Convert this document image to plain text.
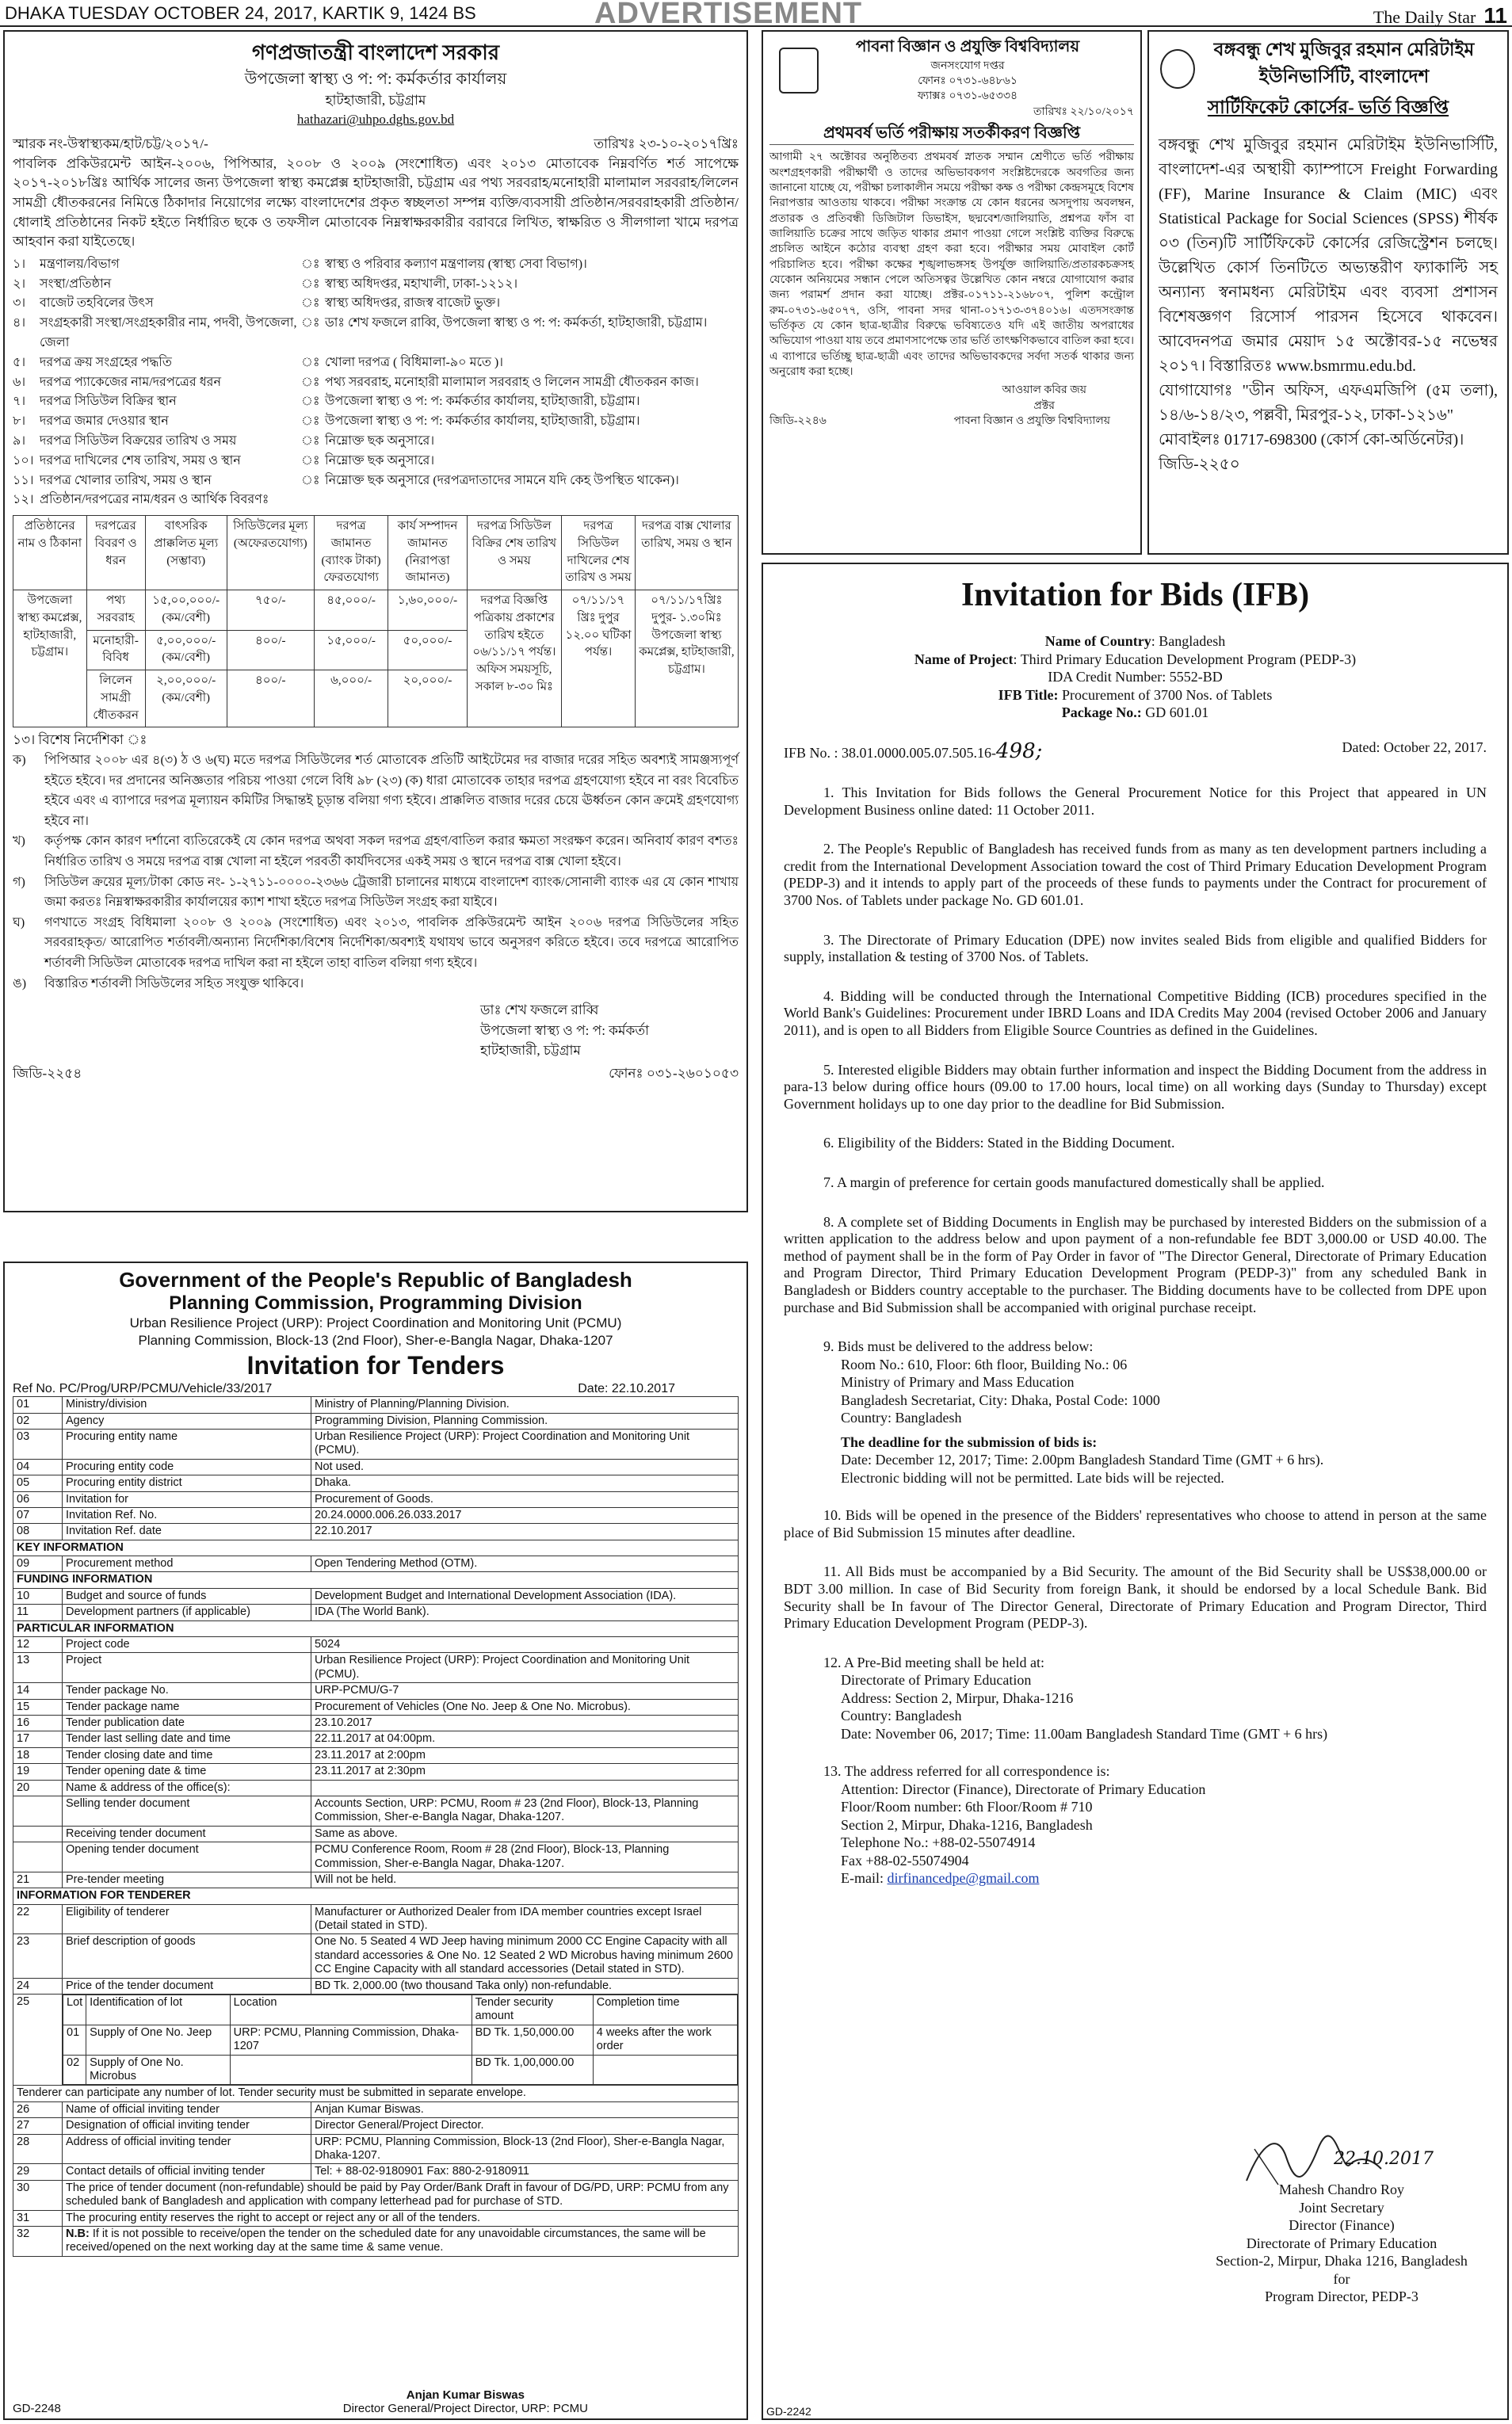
DHAKA TUESDAY OCTOBER 24, 2017, KARTIK 9, 1424 BS	ADVERTISEMENT	The Daily Star 11
গণপ্রজাতন্ত্রী বাংলাদেশ সরকার
উপজেলা স্বাস্থ্য ও প: প: কর্মকর্তার কার্যালয়
হাটহাজারী, চট্টগ্রাম
hathazari@uhpo.dghs.gov.bd
স্মারক নং-উস্বাস্থ্যকম/হাট/চট্ট/২০১৭/-	তারিখঃ ২৩-১০-২০১৭খ্রিঃ
পাবলিক প্রকিউরমেন্ট আইন-২০০৬, পিপিআর, ২০০৮ ও ২০০৯ (সংশোধিত) এবং ২০১৩ মোতাবেক নিম্নবর্ণিত শর্ত সাপেক্ষে ২০১৭-২০১৮খ্রিঃ আর্থিক সালের জন্য উপজেলা স্বাস্থ্য কমপ্লেক্স হাটহাজারী, চট্টগ্রাম এর পথ্য সরবরাহ/মনোহারী মালামাল সরবরাহ/লিলেন সামগ্রী ধৌতকরনের নিমিত্তে ঠিকাদার নিয়োগের লক্ষ্যে বাংলাদেশের প্রকৃত স্বচ্ছলতা সম্পন্ন ব্যক্তি/ব্যবসায়ী প্রতিষ্ঠান/সরবরাহকারী প্রতিষ্ঠান/ধোলাই প্রতিষ্ঠানের নিকট হইতে নির্ধারিত ছকে ও তফসীল মোতাবেক নিম্নস্বাক্ষরকারীর বরাবরে লিখিত, স্বাক্ষরিত ও সীলগালা খামে দরপত্র আহবান করা যাইতেছে।
১।	মন্ত্রণালয়/বিভাগ	ঃ স্বাস্থ্য ও পরিবার কল্যাণ মন্ত্রণালয় (স্বাস্থ্য সেবা বিভাগ)।
২।	সংস্থা/প্রতিষ্ঠান	ঃ স্বাস্থ্য অধিদপ্তর, মহাখালী, ঢাকা-১২১২।
৩।	বাজেট তহবিলের উৎস	ঃ স্বাস্থ্য অধিদপ্তর, রাজস্ব বাজেট ভুক্ত।
৪।	সংগ্রহকারী সংস্থা/সংগ্রহকারীর নাম, পদবী, উপজেলা, জেলা
ঃ ডাঃ শেখ ফজলে রাব্বি, উপজেলা স্বাস্থ্য ও প: প: কর্মকর্তা, হাটহাজারী, চট্টগ্রাম।
৫।	দরপত্র ক্রয় সংগ্রহের পদ্ধতি	ঃ খোলা দরপত্র ( বিধিমালা-৯০ মতে )।
৬।	দরপত্র প্যাকেজের নাম/দরপত্রের ধরন	ঃ পথ্য সরবরাহ, মনোহারী মালামাল সরবরাহ ও লিলেন সামগ্রী ধৌতকরন কাজ।
৭।	দরপত্র সিডিউল বিক্রির স্থান	ঃ উপজেলা স্বাস্থ্য ও প: প: কর্মকর্তার কার্যালয়, হাটহাজারী, চট্টগ্রাম।
৮।	দরপত্র জমার দেওয়ার স্থান	ঃ উপজেলা স্বাস্থ্য ও প: প: কর্মকর্তার কার্যালয়, হাটহাজারী, চট্টগ্রাম।
৯।	দরপত্র সিডিউল বিক্রয়ের তারিখ ও সময়	ঃ নিম্নোক্ত ছক অনুসারে।
১০। দরপত্র দাখিলের শেষ তারিখ, সময় ও স্থান	ঃ নিম্নোক্ত ছক অনুসারে।
১১। দরপত্র খোলার তারিখ, সময় ও স্থান	ঃ নিম্নোক্ত ছক অনুসারে (দরপত্রদাতাদের সামনে যদি কেহ উপস্থিত থাকেন)।
১২। প্রতিষ্ঠান/দরপত্রের নাম/ধরন ও আর্থিক বিবরণঃ
প্রতিষ্ঠানের নাম ও ঠিকানা	দরপত্রের বিবরণ ও ধরন	বাৎসরিক প্রাক্কলিত মূল্য (সম্ভাব্য)	সিডিউলের মূল্য (অফেরতযোগ্য)	দরপত্র জামানত (ব্যাংক টাকা) ফেরতযোগ্য	কার্য সম্পাদন জামানত (নিরাপত্তা জামানত)	দরপত্র সিডিউল বিক্রির শেষ তারিখ ও সময়	দরপত্র সিডিউল দাখিলের শেষ তারিখ ও সময়	দরপত্র বাক্স খোলার তারিখ, সময় ও স্থান
উপজেলা স্বাস্থ্য কমপ্লেক্স, হাটহাজারী, চট্টগ্রাম।	পথ্য সরবরাহ	১৫,০০,০০০/- (কম/বেশী)	৭৫০/-	৪৫,০০০/-	১,৬০,০০০/-	দরপত্র বিজ্ঞপ্তি পত্রিকায় প্রকাশের তারিখ হইতে ০৬/১১/১৭ পর্যন্ত। অফিস সময়সূচি, সকাল ৮-৩০ মিঃ	০৭/১১/১৭ খ্রিঃ দুপুর ১২.০০ ঘটিকা পর্যন্ত।	০৭/১১/১৭খ্রিঃ দুপুর- ১.৩০মিঃ উপজেলা স্বাস্থ্য কমপ্লেক্স, হাটহাজারী, চট্টগ্রাম।
	মনোহারী-বিবিধ	৫,০০,০০০/- (কম/বেশী)	৪০০/-	১৫,০০০/-	৫০,০০০/-			
	লিলেন সামগ্রী ধৌতকরন	২,০০,০০০/- (কম/বেশী)	৪০০/-	৬,০০০/-	২০,০০০/-			
১৩। বিশেষ নির্দেশিকা ঃ
ক)	পিপিআর ২০০৮ এর ৪(৩) ঠ ও ৬(ঘ) মতে দরপত্র সিডিউলের শর্ত মোতাবেক প্রতিটি আইটেমের দর বাজার দরের সহিত অবশ্যই সামঞ্জস্যপূর্ণ হইতে হইবে। দর প্রদানের অনিজ্ঞতার পরিচয় পাওয়া গেলে বিধি ৯৮ (২৩) (ক) ধারা মোতাবেক তাহার দরপত্র গ্রহণযোগ্য হইবে না বরং বিবেচিত হইবে এবং এ ব্যাপারে দরপত্র মূল্যায়ন কমিটির সিদ্ধান্তই চূড়ান্ত বলিয়া গণ্য হইবে। প্রাক্কলিত বাজার দরের চেয়ে ঊর্ধ্বতন কোন ক্রমেই গ্রহণযোগ্য হইবে না।
খ)	কর্তৃপক্ষ কোন কারণ দর্শানো ব্যতিরেকেই যে কোন দরপত্র অথবা সকল দরপত্র গ্রহণ/বাতিল করার ক্ষমতা সংরক্ষণ করেন। অনিবার্য কারণ বশতঃ নির্ধারিত তারিখ ও সময়ে দরপত্র বাক্স খোলা না হইলে পরবর্তী কার্যদিবসের একই সময় ও স্থানে দরপত্র বাক্স খোলা হইবে।
গ)	সিডিউল ক্রয়ের মূল্য/টাকা কোড নং- ১-২৭১১-০০০০-২৩৬৬ ট্রেজারী চালানের মাধ্যমে বাংলাদেশ ব্যাংক/সোনালী ব্যাংক এর যে কোন শাখায় জমা করতঃ নিম্নস্বাক্ষরকারীর কার্যালয়ের ক্যাশ শাখা হইতে দরপত্র সিডিউল সংগ্রহ করা যাইবে।
ঘ)	গণখাতে সংগ্রহ বিধিমালা ২০০৮ ও ২০০৯ (সংশোধিত) এবং ২০১৩, পাবলিক প্রকিউরমেন্ট আইন ২০০৬ দরপত্র সিডিউলের সহিত সরবরাহকৃত/ আরোপিত শর্তাবলী/অন্যান্য নির্দেশিকা/বিশেষ নির্দেশিকা/অবশ্যই যথাযথ ভাবে অনুসরণ করিতে হইবে। তবে দরপত্রে আরোপিত শর্তাবলী সিডিউল মোতাবেক দরপত্র দাখিল করা না হইলে তাহা বাতিল বলিয়া গণ্য হইবে।
ঙ)	বিস্তারিত শর্তাবলী সিডিউলের সহিত সংযুক্ত থাকিবে।
ডাঃ শেখ ফজলে রাব্বি
উপজেলা স্বাস্থ্য ও প: প: কর্মকর্তা
হাটহাজারী, চট্টগ্রাম
জিডি-২২৫৪	ফোনঃ ০৩১-২৬০১০৫৩
Government of the People's Republic of Bangladesh
Planning Commission, Programming Division
Urban Resilience Project (URP): Project Coordination and Monitoring Unit (PCMU)
Planning Commission, Block-13 (2nd Floor), Sher-e-Bangla Nagar, Dhaka-1207
Invitation for Tenders
Ref No. PC/Prog/URP/PCMU/Vehicle/33/2017	Date: 22.10.2017
01	Ministry/division	Ministry of Planning/Planning Division.
02	Agency	Programming Division, Planning Commission.
03	Procuring entity name	Urban Resilience Project (URP): Project Coordination and Monitoring Unit (PCMU).
04	Procuring entity code	Not used.
05	Procuring entity district	Dhaka.
06	Invitation for	Procurement of Goods.
07	Invitation Ref. No.	20.24.0000.006.26.033.2017
08	Invitation Ref. date	22.10.2017
KEY INFORMATION
09	Procurement method	Open Tendering Method (OTM).
FUNDING INFORMATION
10	Budget and source of funds	Development Budget and International Development Association (IDA).
11	Development partners (if applicable)	IDA (The World Bank).
PARTICULAR INFORMATION
12	Project code	5024
13	Project	Urban Resilience Project (URP): Project Coordination and Monitoring Unit (PCMU).
14	Tender package No.	URP-PCMU/G-7
15	Tender package name	Procurement of Vehicles (One No. Jeep & One No. Microbus).
16	Tender publication date	23.10.2017
17	Tender last selling date and time	22.11.2017 at 04:00pm.
18	Tender closing date and time	23.11.2017 at 2:00pm
19	Tender opening date & time	23.11.2017 at 2:30pm
20	Name & address of the office(s):	
	Selling tender document	Accounts Section, URP: PCMU, Room # 23 (2nd Floor), Block-13, Planning Commission, Sher-e-Bangla Nagar, Dhaka-1207.
	Receiving tender document	Same as above.
	Opening tender document	PCMU Conference Room, Room # 28 (2nd Floor), Block-13, Planning Commission, Sher-e-Bangla Nagar, Dhaka-1207.
21	Pre-tender meeting	Will not be held.
INFORMATION FOR TENDERER
22	Eligibility of tenderer	Manufacturer or Authorized Dealer from IDA member countries except Israel (Detail stated in STD).
23	Brief description of goods	One No. 5 Seated 4 WD Jeep having minimum 2000 CC Engine Capacity with all standard accessories & One No. 12 Seated 2 WD Microbus having minimum 2600 CC Engine Capacity with all standard accessories (Detail stated in STD).
24	Price of the tender document	BD Tk. 2,000.00 (two thousand Taka only) non-refundable.
25		Lot	Identification of lot	Location	Tender security amount	Completion time
01	Supply of One No. Jeep	URP: PCMU, Planning Commission, Dhaka-1207	BD Tk. 1,50,000.00	4 weeks after the work order
02	Supply of One No. Microbus		BD Tk. 1,00,000.00	

Tenderer can participate any number of lot. Tender security must be submitted in separate envelope.
26	Name of official inviting tender	Anjan Kumar Biswas.
27	Designation of official inviting tender	Director General/Project Director.
28	Address of official inviting tender	URP: PCMU, Planning Commission, Block-13 (2nd Floor), Sher-e-Bangla Nagar, Dhaka-1207.
29	Contact details of official inviting tender	Tel: + 88-02-9180901 Fax: 880-2-9180911
30	The price of tender document (non-refundable) should be paid by Pay Order/Bank Draft in favour of DG/PD, URP: PCMU from any scheduled bank of Bangladesh and application with company letterhead pad for purchase of STD.
31	The procuring entity reserves the right to accept or reject any or all of the tenders.
32	N.B: If it is not possible to receive/open the tender on the scheduled date for any unavoidable circumstances, the same will be received/opened on the next working day at the same time & same venue.
GD-2248
Anjan Kumar Biswas
Director General/Project Director, URP: PCMU
পাবনা বিজ্ঞান ও প্রযুক্তি বিশ্ববিদ্যালয়
জনসংযোগ দপ্তর
ফোনঃ ০৭৩১-৬৪৮৬১
ফ্যাক্সঃ ০৭৩১-৬৫৩৩৪
তারিখঃ ২২/১০/২০১৭
প্রথমবর্ষ ভর্তি পরীক্ষায় সতর্কীকরণ বিজ্ঞপ্তি
আগামী ২৭ অক্টোবর অনুষ্ঠিতব্য প্রথমবর্ষ স্নাতক সম্মান শ্রেণীতে ভর্তি পরীক্ষায় অংশগ্রহণকারী পরীক্ষার্থী ও তাদের অভিভাবকগণ সংশ্লিষ্টদেরকে অবগতির জন্য জানানো যাচ্ছে যে, পরীক্ষা চলাকালীন সময়ে পরীক্ষা কক্ষ ও পরীক্ষা কেন্দ্রসমূহে বিশেষ নিরাপত্তার আওতায় থাকবে। পরীক্ষা সংক্রান্ত যে কোন ধরনের অসদুপায় অবলম্বন, প্রতারক ও প্রতিবন্ধী ডিজিটাল ডিভাইস, ছদ্মবেশ/জালিয়াতি, প্রশ্নপত্র ফাঁস বা জালিয়াতি চক্রের সাথে জড়িত থাকার প্রমাণ পাওয়া গেলে সংশ্লিষ্ট ব্যক্তির বিরুদ্ধে প্রচলিত আইনে কঠোর ব্যবস্থা গ্রহণ করা হবে। পরীক্ষার সময় মোবাইল কোর্ট পরিচালিত হবে। পরীক্ষা কক্ষের শৃঙ্খলাভঙ্গসহ উপর্যুক্ত জালিয়াতি/প্রতারকচক্রসহ যেকোন অনিয়মের সন্ধান পেলে অতিসত্বর উল্লেখিত কোন নম্বরে যোগাযোগ করার জন্য পরামর্শ প্রদান করা যাচ্ছে। প্রক্টর-০১৭১১-২১৬৮০৭, পুলিশ কন্ট্রোল রুম-০৭৩১-৬৫০৭৭, ওসি, পাবনা সদর থানা-০১৭১৩-৩৭৪০১৬। এতদসংক্রান্ত ভর্তিকৃত যে কোন ছাত্র-ছাত্রীর বিরুদ্ধে ভবিষ্যতেও যদি এই জাতীয় অপরাধের অভিযোগ পাওয়া যায় তবে প্রমাণসাপেক্ষে তার ভর্তি তাৎক্ষণিকভাবে বাতিল করা হবে। এ ব্যাপারে ভর্তিচ্ছু ছাত্র-ছাত্রী এবং তাদের অভিভাবকদের সর্বদা সতর্ক থাকার জন্য অনুরোধ করা হচ্ছে।
আওয়াল কবির জয়
প্রক্টর
জিডি-২২৪৬	পাবনা বিজ্ঞান ও প্রযুক্তি বিশ্ববিদ্যালয়
বঙ্গবন্ধু শেখ মুজিবুর রহমান মেরিটাইম
ইউনিভার্সিটি, বাংলাদেশ
সার্টিফিকেট কোর্সের- ভর্তি বিজ্ঞপ্তি
বঙ্গবন্ধু শেখ মুজিবুর রহমান মেরিটাইম ইউনিভার্সিটি, বাংলাদেশ-এর অস্থায়ী ক্যাম্পাসে Freight Forwarding (FF), Marine Insurance & Claim (MIC) এবং Statistical Package for Social Sciences (SPSS) শীর্ষক ০৩ (তিন)টি সার্টিফিকেট কোর্সের রেজিস্ট্রেশন চলছে। উল্লেখিত কোর্স তিনটিতে অভ্যন্তরীণ ফ্যাকাল্টি সহ অন্যান্য স্বনামধন্য মেরিটাইম এবং ব্যবসা প্রশাসন বিশেষজ্ঞগণ রিসোর্স পারসন হিসেবে থাকবেন। আবেদনপত্র জমার মেয়াদ ১৫ অক্টোবর-১৫ নভেম্বর ২০১৭। বিস্তারিতঃ www.bsmrmu.edu.bd.
যোগাযোগঃ "ডীন অফিস, এফএমজিপি (৫ম তলা), ১৪/৬-১৪/২৩, পল্লবী, মিরপুর-১২, ঢাকা-১২১৬"
মোবাইলঃ 01717-698300 (কোর্স কো-অর্ডিনেটর)।
জিডি-২২৫০
Invitation for Bids (IFB)
Name of Country: Bangladesh
Name of Project: Third Primary Education Development Program (PEDP-3)
IDA Credit Number: 5552-BD
IFB Title: Procurement of 3700 Nos. of Tablets
Package No.: GD 601.01
IFB No. : 38.01.0000.005.07.505.16-498;	Dated: October 22, 2017.
1. This Invitation for Bids follows the General Procurement Notice for this Project that appeared in UN Development Business online dated: 11 October 2011.
2. The People's Republic of Bangladesh has received funds from as many as ten development partners including a credit from the International Development Association toward the cost of Third Primary Education Development Program (PEDP-3) and it intends to apply part of the proceeds of these funds to payments under the Contract for procurement of 3700 Nos. of Tablets under package No. GD 601.01.
3. The Directorate of Primary Education (DPE) now invites sealed Bids from eligible and qualified Bidders for supply, installation & testing of 3700 Nos. of Tablets.
4. Bidding will be conducted through the International Competitive Bidding (ICB) procedures specified in the World Bank's Guidelines: Procurement under IBRD Loans and IDA Credits May 2004 (revised October 2006 and January 2011), and is open to all Bidders from Eligible Source Countries as defined in the Guidelines.
5. Interested eligible Bidders may obtain further information and inspect the Bidding Document from the address in para-13 below during office hours (09.00 to 17.00 hours, local time) on all working days (Sunday to Thursday) except Government holidays up to one day prior to the deadline for Bid Submission.
6. Eligibility of the Bidders: Stated in the Bidding Document.
7. A margin of preference for certain goods manufactured domestically shall be applied.
8. A complete set of Bidding Documents in English may be purchased by interested Bidders on the submission of a written application to the address below and upon payment of a non-refundable fee BDT 3,000.00 or USD 40.00. The method of payment shall be in the form of Pay Order in favor of "The Director General, Directorate of Primary Education and Program Director, Third Primary Education Development Program (PEDP-3)" from any scheduled Bank in Bangladesh or Bidders country acceptable to the purchaser. The Bidding documents have to be collected from DPE upon purchase and Bid Submission shall be accompanied with original purchase receipt.
9. Bids must be delivered to the address below:
Room No.: 610, Floor: 6th floor, Building No.: 06
Ministry of Primary and Mass Education
Bangladesh Secretariat, City: Dhaka, Postal Code: 1000
Country: Bangladesh
The deadline for the submission of bids is:
Date: December 12, 2017; Time: 2.00pm Bangladesh Standard Time (GMT + 6 hrs).
Electronic bidding will not be permitted. Late bids will be rejected.
10. Bids will be opened in the presence of the Bidders' representatives who choose to attend in person at the same place of Bid Submission 15 minutes after deadline.
11. All Bids must be accompanied by a Bid Security. The amount of the Bid Security shall be US$38,000.00 or BDT 3.00 million. In case of Bid Security from foreign Bank, it should be endorsed by a local Schedule Bank. Bid Security shall be In favour of The Director General, Directorate of Primary Education and Program Director, Third Primary Education Development Program (PEDP-3).
12. A Pre-Bid meeting shall be held at:
Directorate of Primary Education
Address: Section 2, Mirpur, Dhaka-1216
Country: Bangladesh
Date: November 06, 2017; Time: 11.00am Bangladesh Standard Time (GMT + 6 hrs)
13. The address referred for all correspondence is:
Attention: Director (Finance), Directorate of Primary Education
Floor/Room number: 6th Floor/Room # 710
Section 2, Mirpur, Dhaka-1216, Bangladesh
Telephone No.: +88-02-55074914
Fax +88-02-55074904
E-mail: dirfinancedpe@gmail.com
22.10.2017
Mahesh Chandro Roy
Joint Secretary
Director (Finance)
Directorate of Primary Education
Section-2, Mirpur, Dhaka 1216, Bangladesh
for
Program Director, PEDP-3
GD-2242
